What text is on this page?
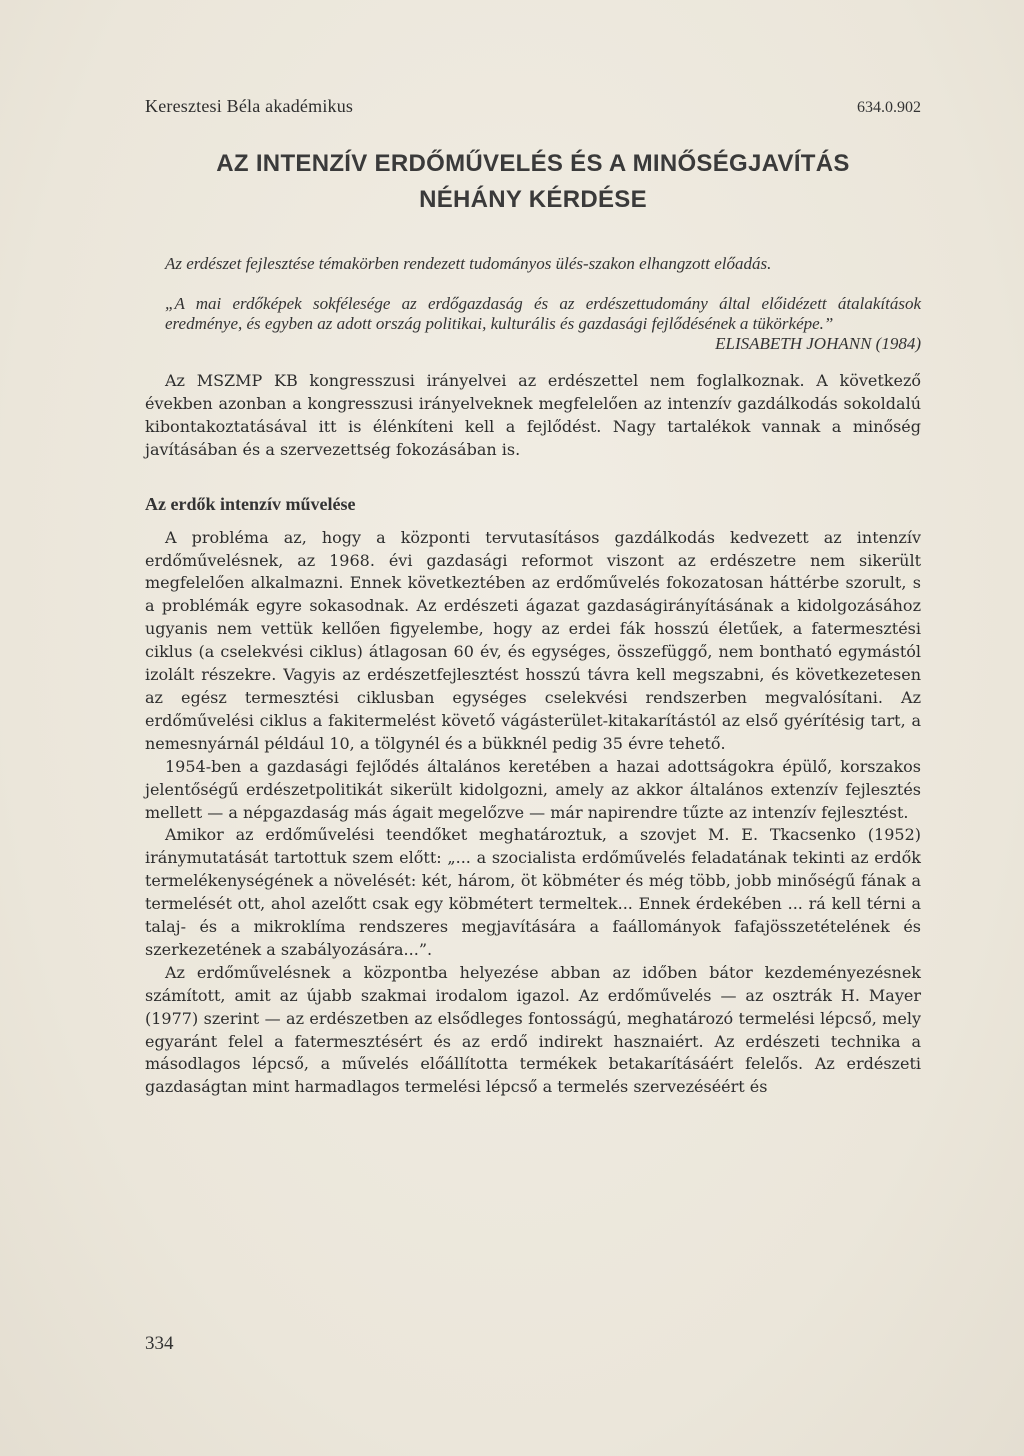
Keresztesi Béla akadémikus	634.0.902
AZ INTENZÍV ERDŐMŰVELÉS ÉS A MINŐSÉGJAVÍTÁS
NÉHÁNY KÉRDÉSE

Az erdészet fejlesztése témakörben rendezett tudományos ülés-szakon elhangzott előadás.

„A mai erdőképek sokfélesége az erdőgazdaság és az erdészettudomány által előidézett átalakítások eredménye, és egyben az adott ország politikai, kulturális és gazdasági fejlődésének a tükörképe.”
ELISABETH JOHANN (1984)

Az MSZMP KB kongresszusi irányelvei az erdészettel nem foglalkoznak. A következő években azonban a kongresszusi irányelveknek megfelelően az intenzív gazdálkodás sokoldalú kibontakoztatásával itt is élénkíteni kell a fejlődést. Nagy tartalékok vannak a minőség javításában és a szervezettség fokozásában is.

Az erdők intenzív művelése

A probléma az, hogy a központi tervutasításos gazdálkodás kedvezett az intenzív erdőművelésnek, az 1968. évi gazdasági reformot viszont az erdészetre nem sikerült megfelelően alkalmazni. Ennek következtében az erdőművelés fokozatosan háttérbe szorult, s a problémák egyre sokasodnak. Az erdészeti ágazat gazdaságirányításának a kidolgozásához ugyanis nem vettük kellően figyelembe, hogy az erdei fák hosszú életűek, a fatermesztési ciklus (a cselekvési ciklus) átlagosan 60 év, és egységes, összefüggő, nem bontható egymástól izolált részekre. Vagyis az erdészetfejlesztést hosszú távra kell megszabni, és következetesen az egész termesztési ciklusban egységes cselekvési rendszerben megvalósítani. Az erdőművelési ciklus a fakitermelést követő vágásterület-kitakarítástól az első gyérítésig tart, a nemesnyárnál például 10, a tölgynél és a bükknél pedig 35 évre tehető.

1954-ben a gazdasági fejlődés általános keretében a hazai adottságokra épülő, korszakos jelentőségű erdészetpolitikát sikerült kidolgozni, amely az akkor általános extenzív fejlesztés mellett — a népgazdaság más ágait megelőzve — már napirendre tűzte az intenzív fejlesztést.

Amikor az erdőművelési teendőket meghatároztuk, a szovjet M. E. Tkacsenko (1952) iránymutatását tartottuk szem előtt: „... a szocialista erdőművelés feladatának tekinti az erdők termelékenységének a növelését: két, három, öt köbméter és még több, jobb minőségű fának a termelését ott, ahol azelőtt csak egy köbmétert termeltek... Ennek érdekében ... rá kell térni a talaj- és a mikroklíma rendszeres megjavítására a faállományok fafajösszetételének és szerkezetének a szabályozására...”.

Az erdőművelésnek a központba helyezése abban az időben bátor kezdeményezésnek számított, amit az újabb szakmai irodalom igazol. Az erdőművelés — az osztrák H. Mayer (1977) szerint — az erdészetben az elsődleges fontosságú, meghatározó termelési lépcső, mely egyaránt felel a fatermesztésért és az erdő indirekt hasznaiért. Az erdészeti technika a másodlagos lépcső, a művelés előállította termékek betakarításáért felelős. Az erdészeti gazdaságtan mint harmadlagos termelési lépcső a termelés szervezéséért és

334
